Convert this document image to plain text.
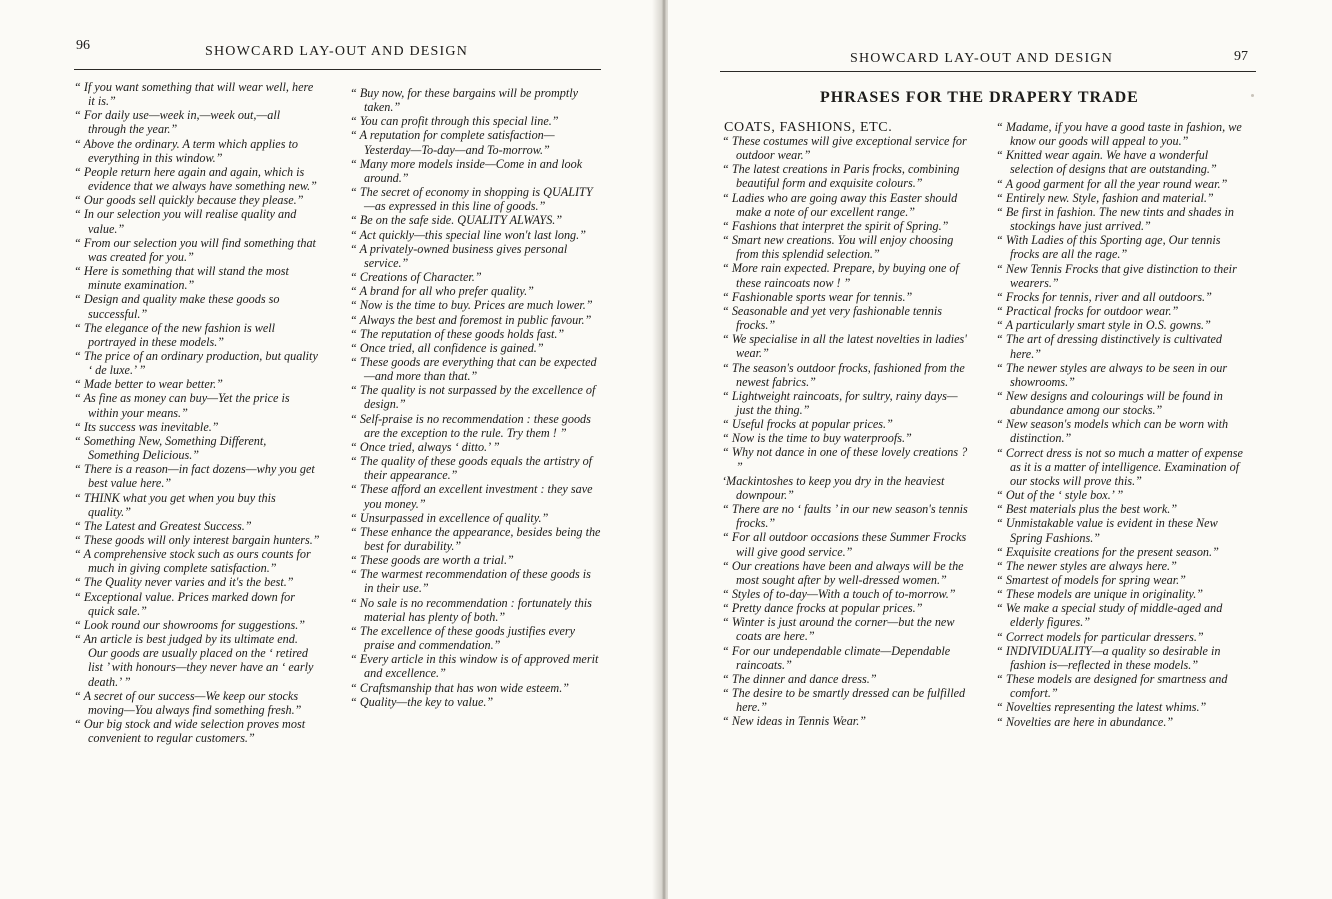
96	SHOWCARD LAY-OUT AND DESIGN
“ If you want something that will wear well, here it is.”
“ For daily use—week in,—week out,—all through the year.”
“ Above the ordinary. A term which applies to everything in this window.”
“ People return here again and again, which is evidence that we always have something new.”
“ Our goods sell quickly because they please.”
“ In our selection you will realise quality and value.”
“ From our selection you will find something that was created for you.”
“ Here is something that will stand the most minute examination.”
“ Design and quality make these goods so successful.”
“ The elegance of the new fashion is well portrayed in these models.”
“ The price of an ordinary production, but quality ‘ de luxe.’ ”
“ Made better to wear better.”
“ As fine as money can buy—Yet the price is within your means.”
“ Its success was inevitable.”
“ Something New, Something Different, Something Delicious.”
“ There is a reason—in fact dozens—why you get best value here.”
“ THINK what you get when you buy this quality.”
“ The Latest and Greatest Success.”
“ These goods will only interest bargain hunters.”
“ A comprehensive stock such as ours counts for much in giving complete satisfaction.”
“ The Quality never varies and it's the best.”
“ Exceptional value. Prices marked down for quick sale.”
“ Look round our showrooms for suggestions.”
“ An article is best judged by its ultimate end. Our goods are usually placed on the ‘ retired list ’ with honours—they never have an ‘ early death.’ ”
“ A secret of our success—We keep our stocks moving—You always find something fresh.”
“ Our big stock and wide selection proves most convenient to regular customers.”
“ Buy now, for these bargains will be promptly taken.”
“ You can profit through this special line.”
“ A reputation for complete satisfaction— Yesterday—To-day—and To-morrow.”
“ Many more models inside—Come in and look around.”
“ The secret of economy in shopping is QUALITY—as expressed in this line of goods.”
“ Be on the safe side. QUALITY ALWAYS.”
“ Act quickly—this special line won't last long.”
“ A privately-owned business gives personal service.”
“ Creations of Character.”
“ A brand for all who prefer quality.”
“ Now is the time to buy. Prices are much lower.”
“ Always the best and foremost in public favour.”
“ The reputation of these goods holds fast.”
“ Once tried, all confidence is gained.”
“ These goods are everything that can be expected—and more than that.”
“ The quality is not surpassed by the excellence of design.”
“ Self-praise is no recommendation : these goods are the exception to the rule. Try them ! ”
“ Once tried, always ‘ ditto.’ ”
“ The quality of these goods equals the artistry of their appearance.”
“ These afford an excellent investment : they save you money.”
“ Unsurpassed in excellence of quality.”
“ These enhance the appearance, besides being the best for durability.”
“ These goods are worth a trial.”
“ The warmest recommendation of these goods is in their use.”
“ No sale is no recommendation : fortunately this material has plenty of both.”
“ The excellence of these goods justifies every praise and commendation.”
“ Every article in this window is of approved merit and excellence.”
“ Craftsmanship that has won wide esteem.”
“ Quality—the key to value.”
SHOWCARD LAY-OUT AND DESIGN	97
PHRASES FOR THE DRAPERY TRADE
COATS, FASHIONS, ETC.
“ These costumes will give exceptional service for outdoor wear.”
“ The latest creations in Paris frocks, combining beautiful form and exquisite colours.”
“ Ladies who are going away this Easter should make a note of our excellent range.”
“ Fashions that interpret the spirit of Spring.”
“ Smart new creations. You will enjoy choosing from this splendid selection.”
“ More rain expected. Prepare, by buying one of these raincoats now ! ”
“ Fashionable sports wear for tennis.”
“ Seasonable and yet very fashionable tennis frocks.”
“ We specialise in all the latest novelties in ladies' wear.”
“ The season's outdoor frocks, fashioned from the newest fabrics.”
“ Lightweight raincoats, for sultry, rainy days—just the thing.”
“ Useful frocks at popular prices.”
“ Now is the time to buy waterproofs.”
“ Why not dance in one of these lovely creations ? ”
‘Mackintoshes to keep you dry in the heaviest downpour.”
“ There are no ‘ faults ’ in our new season's tennis frocks.”
“ For all outdoor occasions these Summer Frocks will give good service.”
“ Our creations have been and always will be the most sought after by well-dressed women.”
“ Styles of to-day—With a touch of to-morrow.”
“ Pretty dance frocks at popular prices.”
“ Winter is just around the corner—but the new coats are here.”
“ For our undependable climate—Dependable raincoats.”
“ The dinner and dance dress.”
“ The desire to be smartly dressed can be fulfilled here.”
“ New ideas in Tennis Wear.”
“ Madame, if you have a good taste in fashion, we know our goods will appeal to you.”
“ Knitted wear again. We have a wonderful selection of designs that are outstanding.”
“ A good garment for all the year round wear.”
“ Entirely new. Style, fashion and material.”
“ Be first in fashion. The new tints and shades in stockings have just arrived.”
“ With Ladies of this Sporting age, Our tennis frocks are all the rage.”
“ New Tennis Frocks that give distinction to their wearers.”
“ Frocks for tennis, river and all outdoors.”
“ Practical frocks for outdoor wear.”
“ A particularly smart style in O.S. gowns.”
“ The art of dressing distinctively is cultivated here.”
“ The newer styles are always to be seen in our showrooms.”
“ New designs and colourings will be found in abundance among our stocks.”
“ New season's models which can be worn with distinction.”
“ Correct dress is not so much a matter of expense as it is a matter of intelligence. Examination of our stocks will prove this.”
“ Out of the ‘ style box.’ ”
“ Best materials plus the best work.”
“ Unmistakable value is evident in these New Spring Fashions.”
“ Exquisite creations for the present season.”
“ The newer styles are always here.”
“ Smartest of models for spring wear.”
“ These models are unique in originality.”
“ We make a special study of middle-aged and elderly figures.”
“ Correct models for particular dressers.”
“ INDIVIDUALITY—a quality so desirable in fashion is—reflected in these models.”
“ These models are designed for smartness and comfort.”
“ Novelties representing the latest whims.”
“ Novelties are here in abundance.”
